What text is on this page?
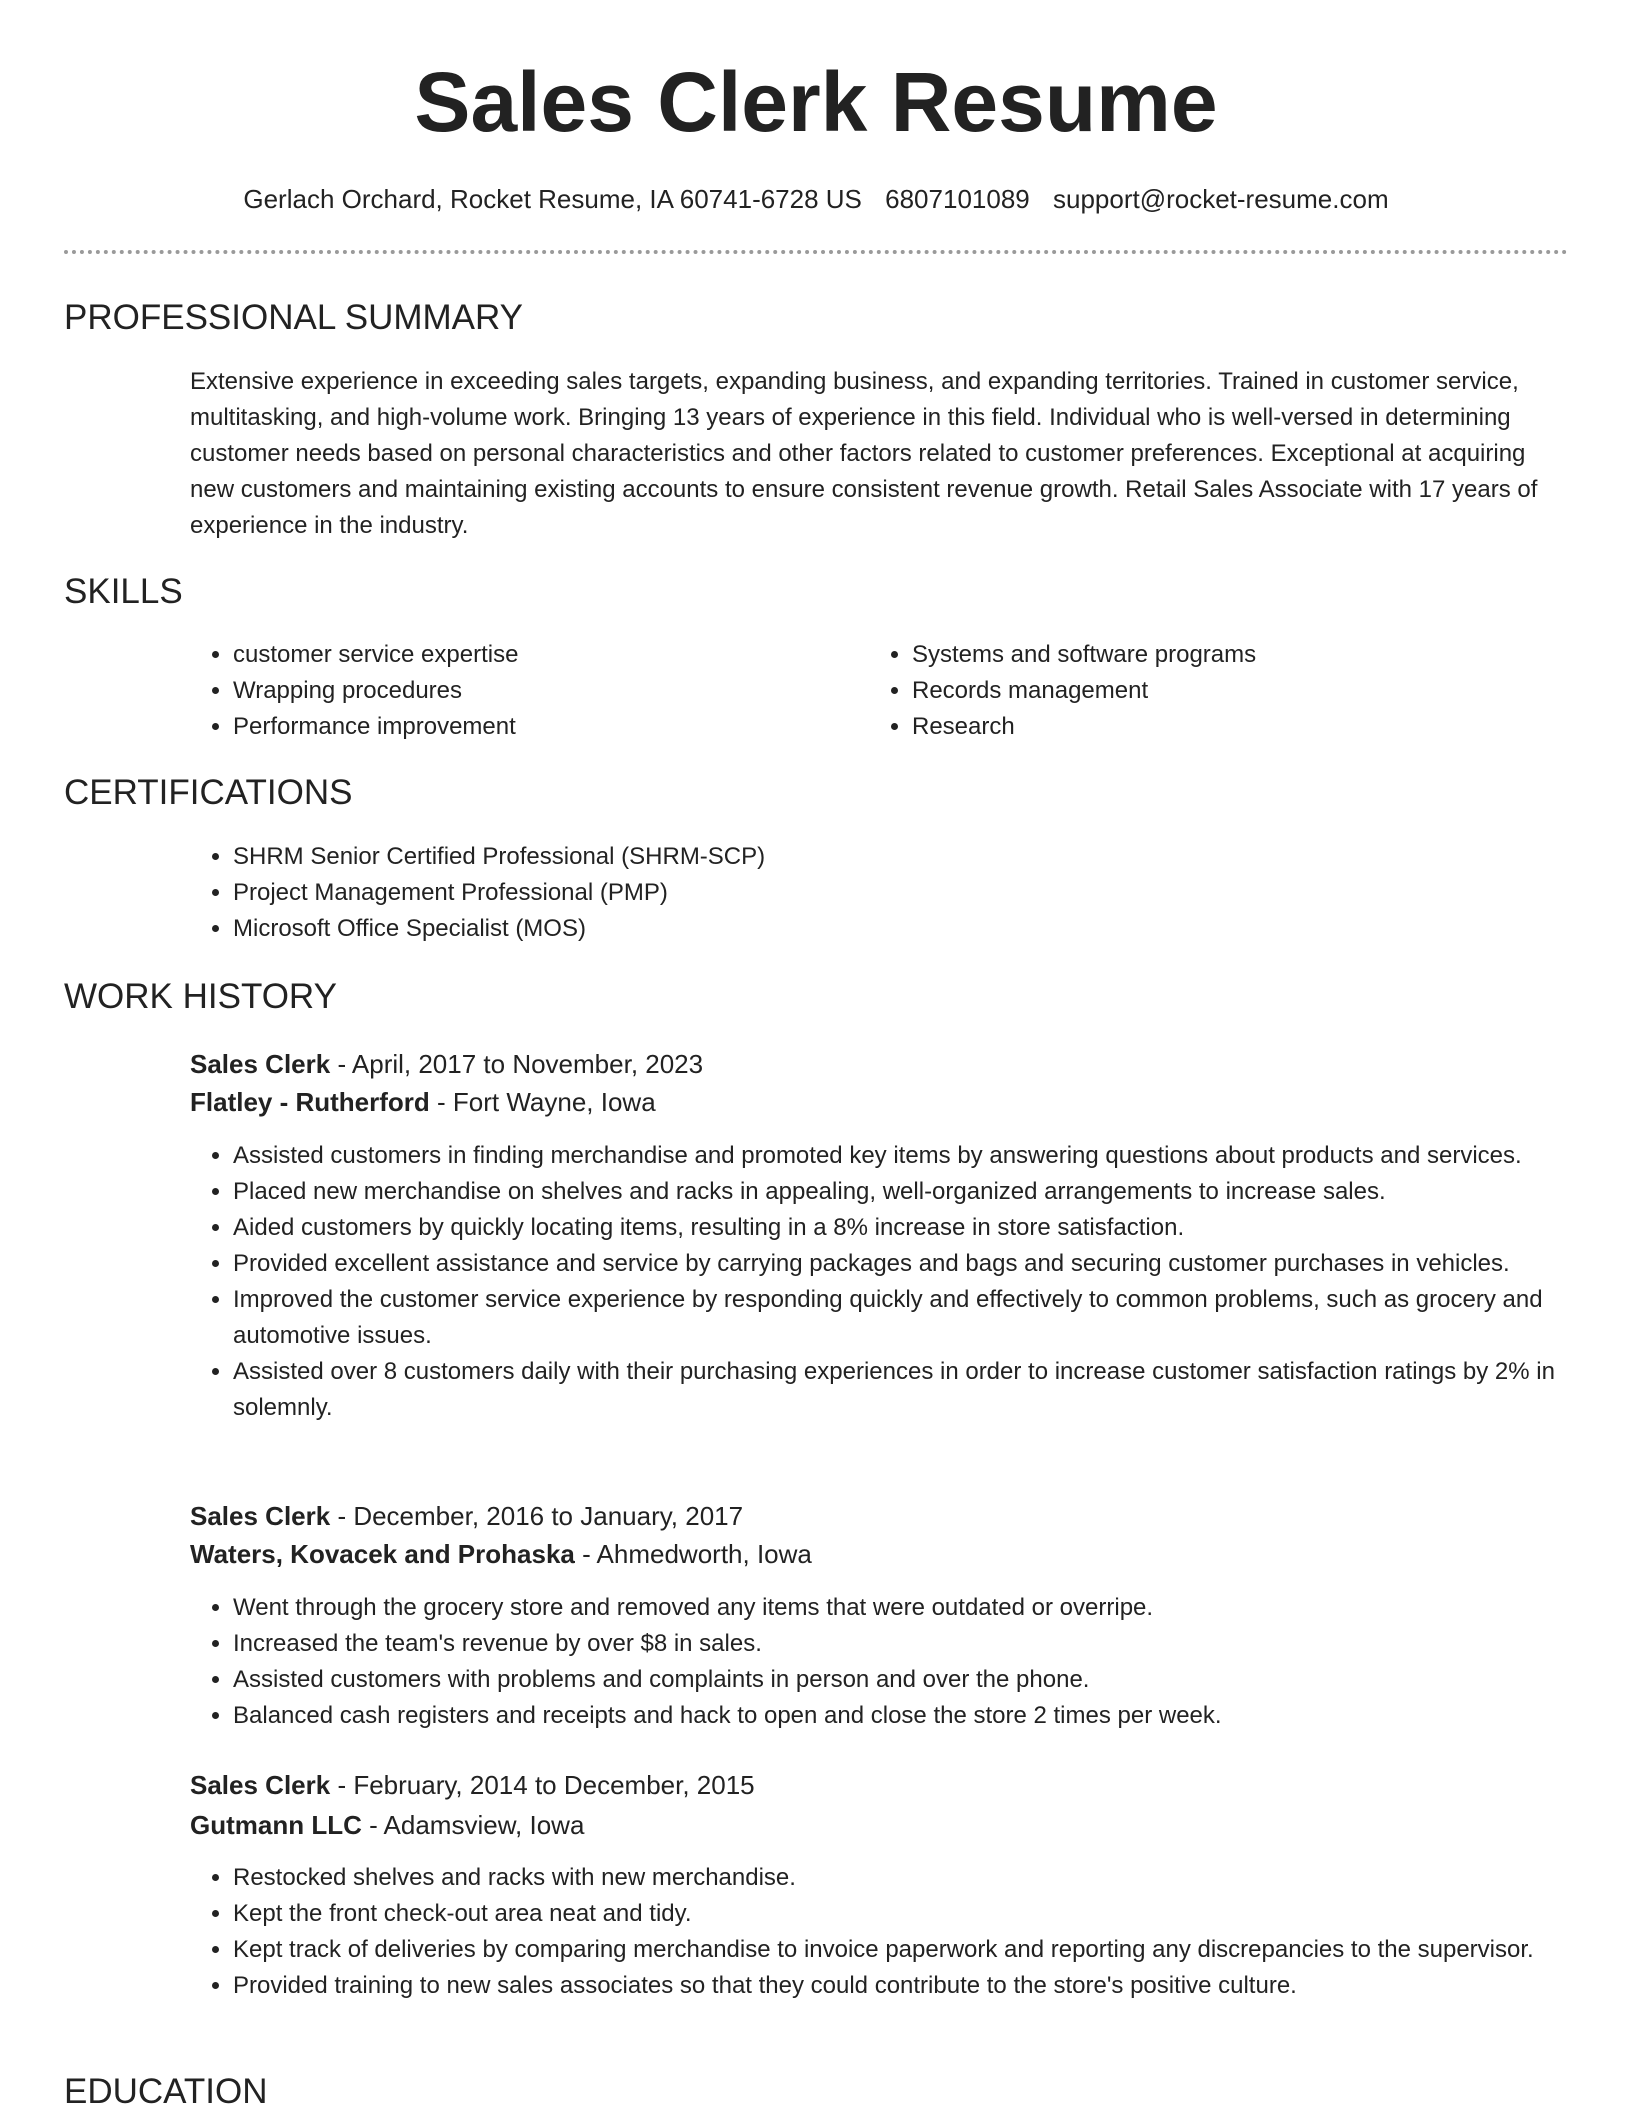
Sales Clerk Resume
Gerlach Orchard, Rocket Resume, IA 60741-6728 US 6807101089 support@rocket-resume.com
PROFESSIONAL SUMMARY

Extensive experience in exceeding sales targets, expanding business, and expanding territories. Trained in customer service, multitasking, and high-volume work. Bringing 13 years of experience in this field. Individual who is well-versed in determining customer needs based on personal characteristics and other factors related to customer preferences. Exceptional at acquiring new customers and maintaining existing accounts to ensure consistent revenue growth. Retail Sales Associate with 17 years of experience in the industry.

SKILLS
• customer service expertise
• Wrapping procedures
• Performance improvement
• Systems and software programs
• Records management
• Research
CERTIFICATIONS
• SHRM Senior Certified Professional (SHRM-SCP)
• Project Management Professional (PMP)
• Microsoft Office Specialist (MOS)
WORK HISTORY
Sales Clerk - April, 2017 to November, 2023
Flatley - Rutherford - Fort Wayne, Iowa
• Assisted customers in finding merchandise and promoted key items by answering questions about products and services.
• Placed new merchandise on shelves and racks in appealing, well-organized arrangements to increase sales.
• Aided customers by quickly locating items, resulting in a 8% increase in store satisfaction.
• Provided excellent assistance and service by carrying packages and bags and securing customer purchases in vehicles.
• Improved the customer service experience by responding quickly and effectively to common problems, such as grocery and automotive issues.
• Assisted over 8 customers daily with their purchasing experiences in order to increase customer satisfaction ratings by 2% in solemnly.
Sales Clerk - December, 2016 to January, 2017
Waters, Kovacek and Prohaska - Ahmedworth, Iowa
• Went through the grocery store and removed any items that were outdated or overripe.
• Increased the team's revenue by over $8 in sales.
• Assisted customers with problems and complaints in person and over the phone.
• Balanced cash registers and receipts and hack to open and close the store 2 times per week.
Sales Clerk - February, 2014 to December, 2015
Gutmann LLC - Adamsview, Iowa
• Restocked shelves and racks with new merchandise.
• Kept the front check-out area neat and tidy.
• Kept track of deliveries by comparing merchandise to invoice paperwork and reporting any discrepancies to the supervisor.
• Provided training to new sales associates so that they could contribute to the store's positive culture.
EDUCATION
